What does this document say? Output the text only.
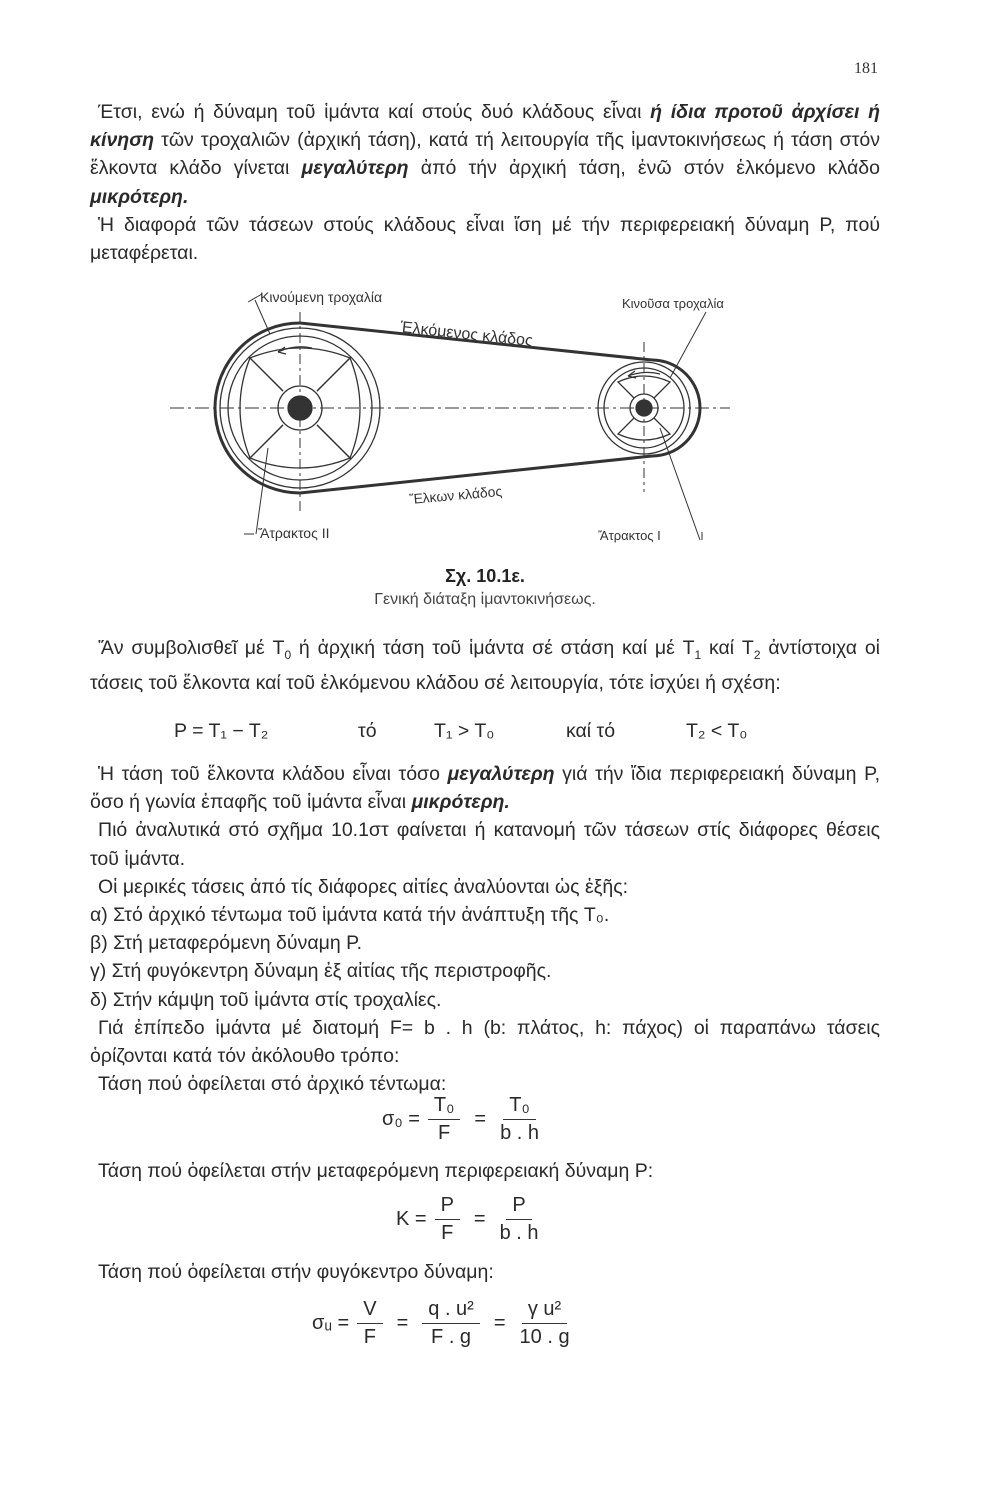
181

Έτσι, ενώ ή δύναμη τοῦ ἱμάντα καί στούς δυό κλάδους εἶναι ή ίδια προτοῦ ἀρχίσει ή κίνηση τῶν τροχαλιῶν (ἀρχική τάση), κατά τή λειτουργία τῆς ἱμαντοκινήσεως ή τάση στόν ἕλκοντα κλάδο γίνεται μεγαλύτερη ἀπό τήν ἀρχική τάση, ἐνῶ στόν ἑλκόμενο κλάδο μικρότερη.

Ἡ διαφορά τῶν τάσεων στούς κλάδους εἶναι ἴση μέ τήν περιφερειακή δύναμη P, πού μεταφέρεται.

Κινούμενη τροχαλία	Κινοῦσα τροχαλία
Ἑλκόμενος κλάδος
Ἕλκων κλάδος
Ἄτρακτος II	Ἄτρακτος I
Σχ. 10.1ε.
Γενική διάταξη ἱμαντοκινήσεως.

Ἄν συμβολισθεῖ μέ $T_0$ ή ἀρχική τάση τοῦ ἱμάντα σέ στάση καί μέ $T_1$ καί $T_2$ ἀντίστοιχα οἱ τάσεις τοῦ ἕλκοντα καί τοῦ ἑλκόμενου κλάδου σέ λειτουργία, τότε ἰσχύει ή σχέση:

P = T₁ − T₂	τό	T₁ > T₀	καί τό	T₂ < T₀

Ἡ τάση τοῦ ἕλκοντα κλάδου εἶναι τόσο μεγαλύτερη γιά τήν ἴδια περιφερειακή δύναμη P, ὅσο ή γωνία ἐπαφῆς τοῦ ἱμάντα εἶναι μικρότερη.

Πιό ἀναλυτικά στό σχῆμα 10.1στ φαίνεται ή κατανομή τῶν τάσεων στίς διάφορες θέσεις τοῦ ἱμάντα.

Οἱ μερικές τάσεις ἀπό τίς διάφορες αἰτίες ἀναλύονται ὡς ἑξῆς:

α) Στό ἀρχικό τέντωμα τοῦ ἱμάντα κατά τήν ἀνάπτυξη τῆς T₀.

β) Στή μεταφερόμενη δύναμη P.

γ) Στή φυγόκεντρη δύναμη ἐξ αἰτίας τῆς περιστροφῆς.

δ) Στήν κάμψη τοῦ ἱμάντα στίς τροχαλίες.

Γιά ἐπίπεδο ἱμάντα μέ διατομή F= b . h (b: πλάτος, h: πάχος) οἱ παραπάνω τάσεις ὁρίζονται κατά τόν ἀκόλουθο τρόπο:

Τάση πού ὀφείλεται στό ἀρχικό τέντωμα:

$\sigma_0 = \frac{\text{T₀}}{F} = \frac{\text{T₀}}{b . h}$

Τάση πού ὀφείλεται στήν μεταφερόμενη περιφερειακή δύναμη P:

$K = \frac{P}{F} = \frac{P}{b . h}$

Τάση πού ὀφείλεται στήν φυγόκεντρο δύναμη:

σᵤ = $\frac{V}{F} = \frac{\text{q . u²}}{F . g} = \frac{\text{γ u²}}{10 . g}$
